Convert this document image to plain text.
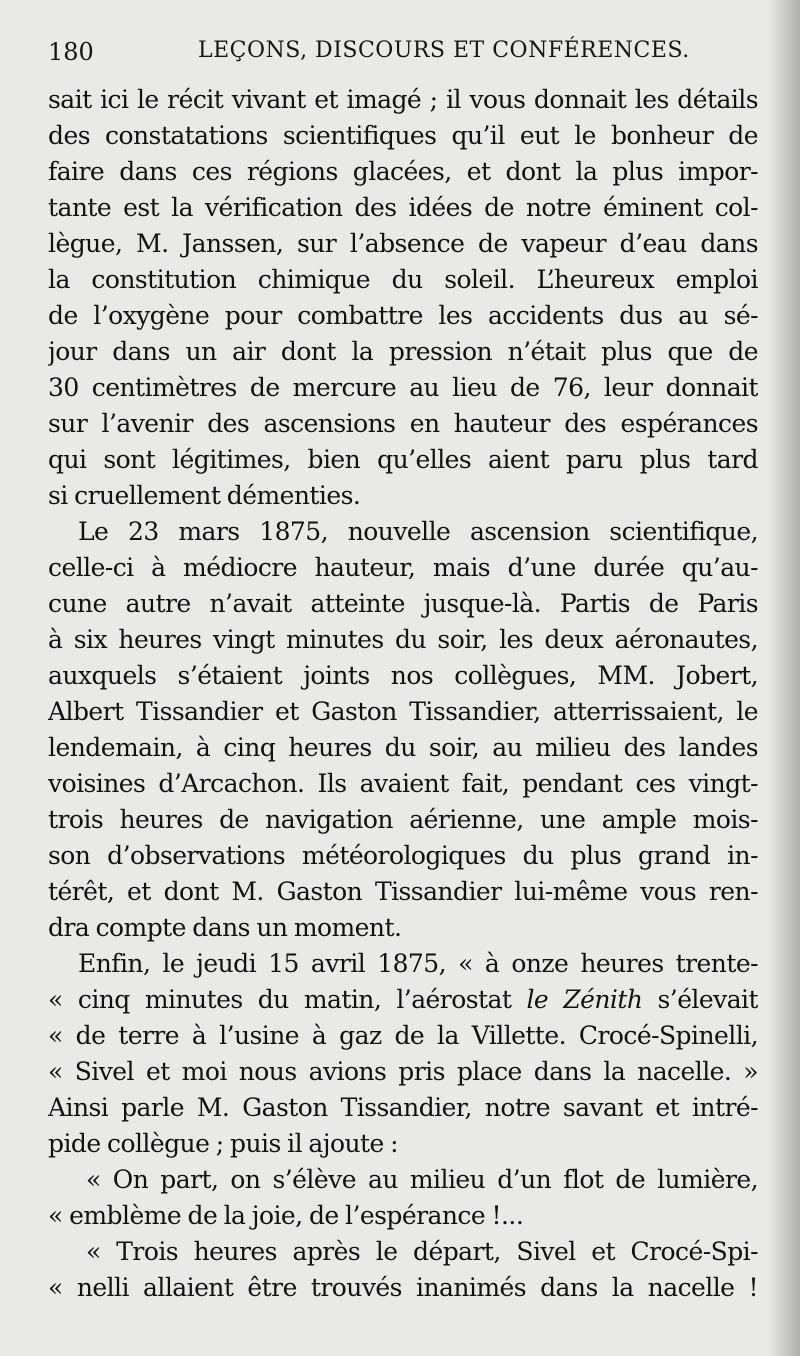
180	LEÇONS, DISCOURS ET CONFÉRENCES.
sait ici le récit vivant et imagé ; il vous donnait les détails
des constatations scientifiques qu’il eut le bonheur de
faire dans ces régions glacées, et dont la plus impor-
tante est la vérification des idées de notre éminent col-
lègue, M. Janssen, sur l’absence de vapeur d’eau dans
la constitution chimique du soleil. L’heureux emploi
de l’oxygène pour combattre les accidents dus au sé-
jour dans un air dont la pression n’était plus que de
30 centimètres de mercure au lieu de 76, leur donnait
sur l’avenir des ascensions en hauteur des espérances
qui sont légitimes, bien qu’elles aient paru plus tard
si cruellement démenties.
Le 23 mars 1875, nouvelle ascension scientifique,
celle-ci à médiocre hauteur, mais d’une durée qu’au-
cune autre n’avait atteinte jusque-là. Partis de Paris
à six heures vingt minutes du soir, les deux aéronautes,
auxquels s’étaient joints nos collègues, MM. Jobert,
Albert Tissandier et Gaston Tissandier, atterrissaient, le
lendemain, à cinq heures du soir, au milieu des landes
voisines d’Arcachon. Ils avaient fait, pendant ces vingt-
trois heures de navigation aérienne, une ample mois-
son d’observations météorologiques du plus grand in-
térêt, et dont M. Gaston Tissandier lui-même vous ren-
dra compte dans un moment.
Enfin, le jeudi 15 avril 1875, « à onze heures trente-
« cinq minutes du matin, l’aérostat le Zénith s’élevait
« de terre à l’usine à gaz de la Villette. Crocé-Spinelli,
« Sivel et moi nous avions pris place dans la nacelle. »
Ainsi parle M. Gaston Tissandier, notre savant et intré-
pide collègue ; puis il ajoute :
« On part, on s’élève au milieu d’un flot de lumière,
« emblème de la joie, de l’espérance !...
« Trois heures après le départ, Sivel et Crocé-Spi-
« nelli allaient être trouvés inanimés dans la nacelle !
